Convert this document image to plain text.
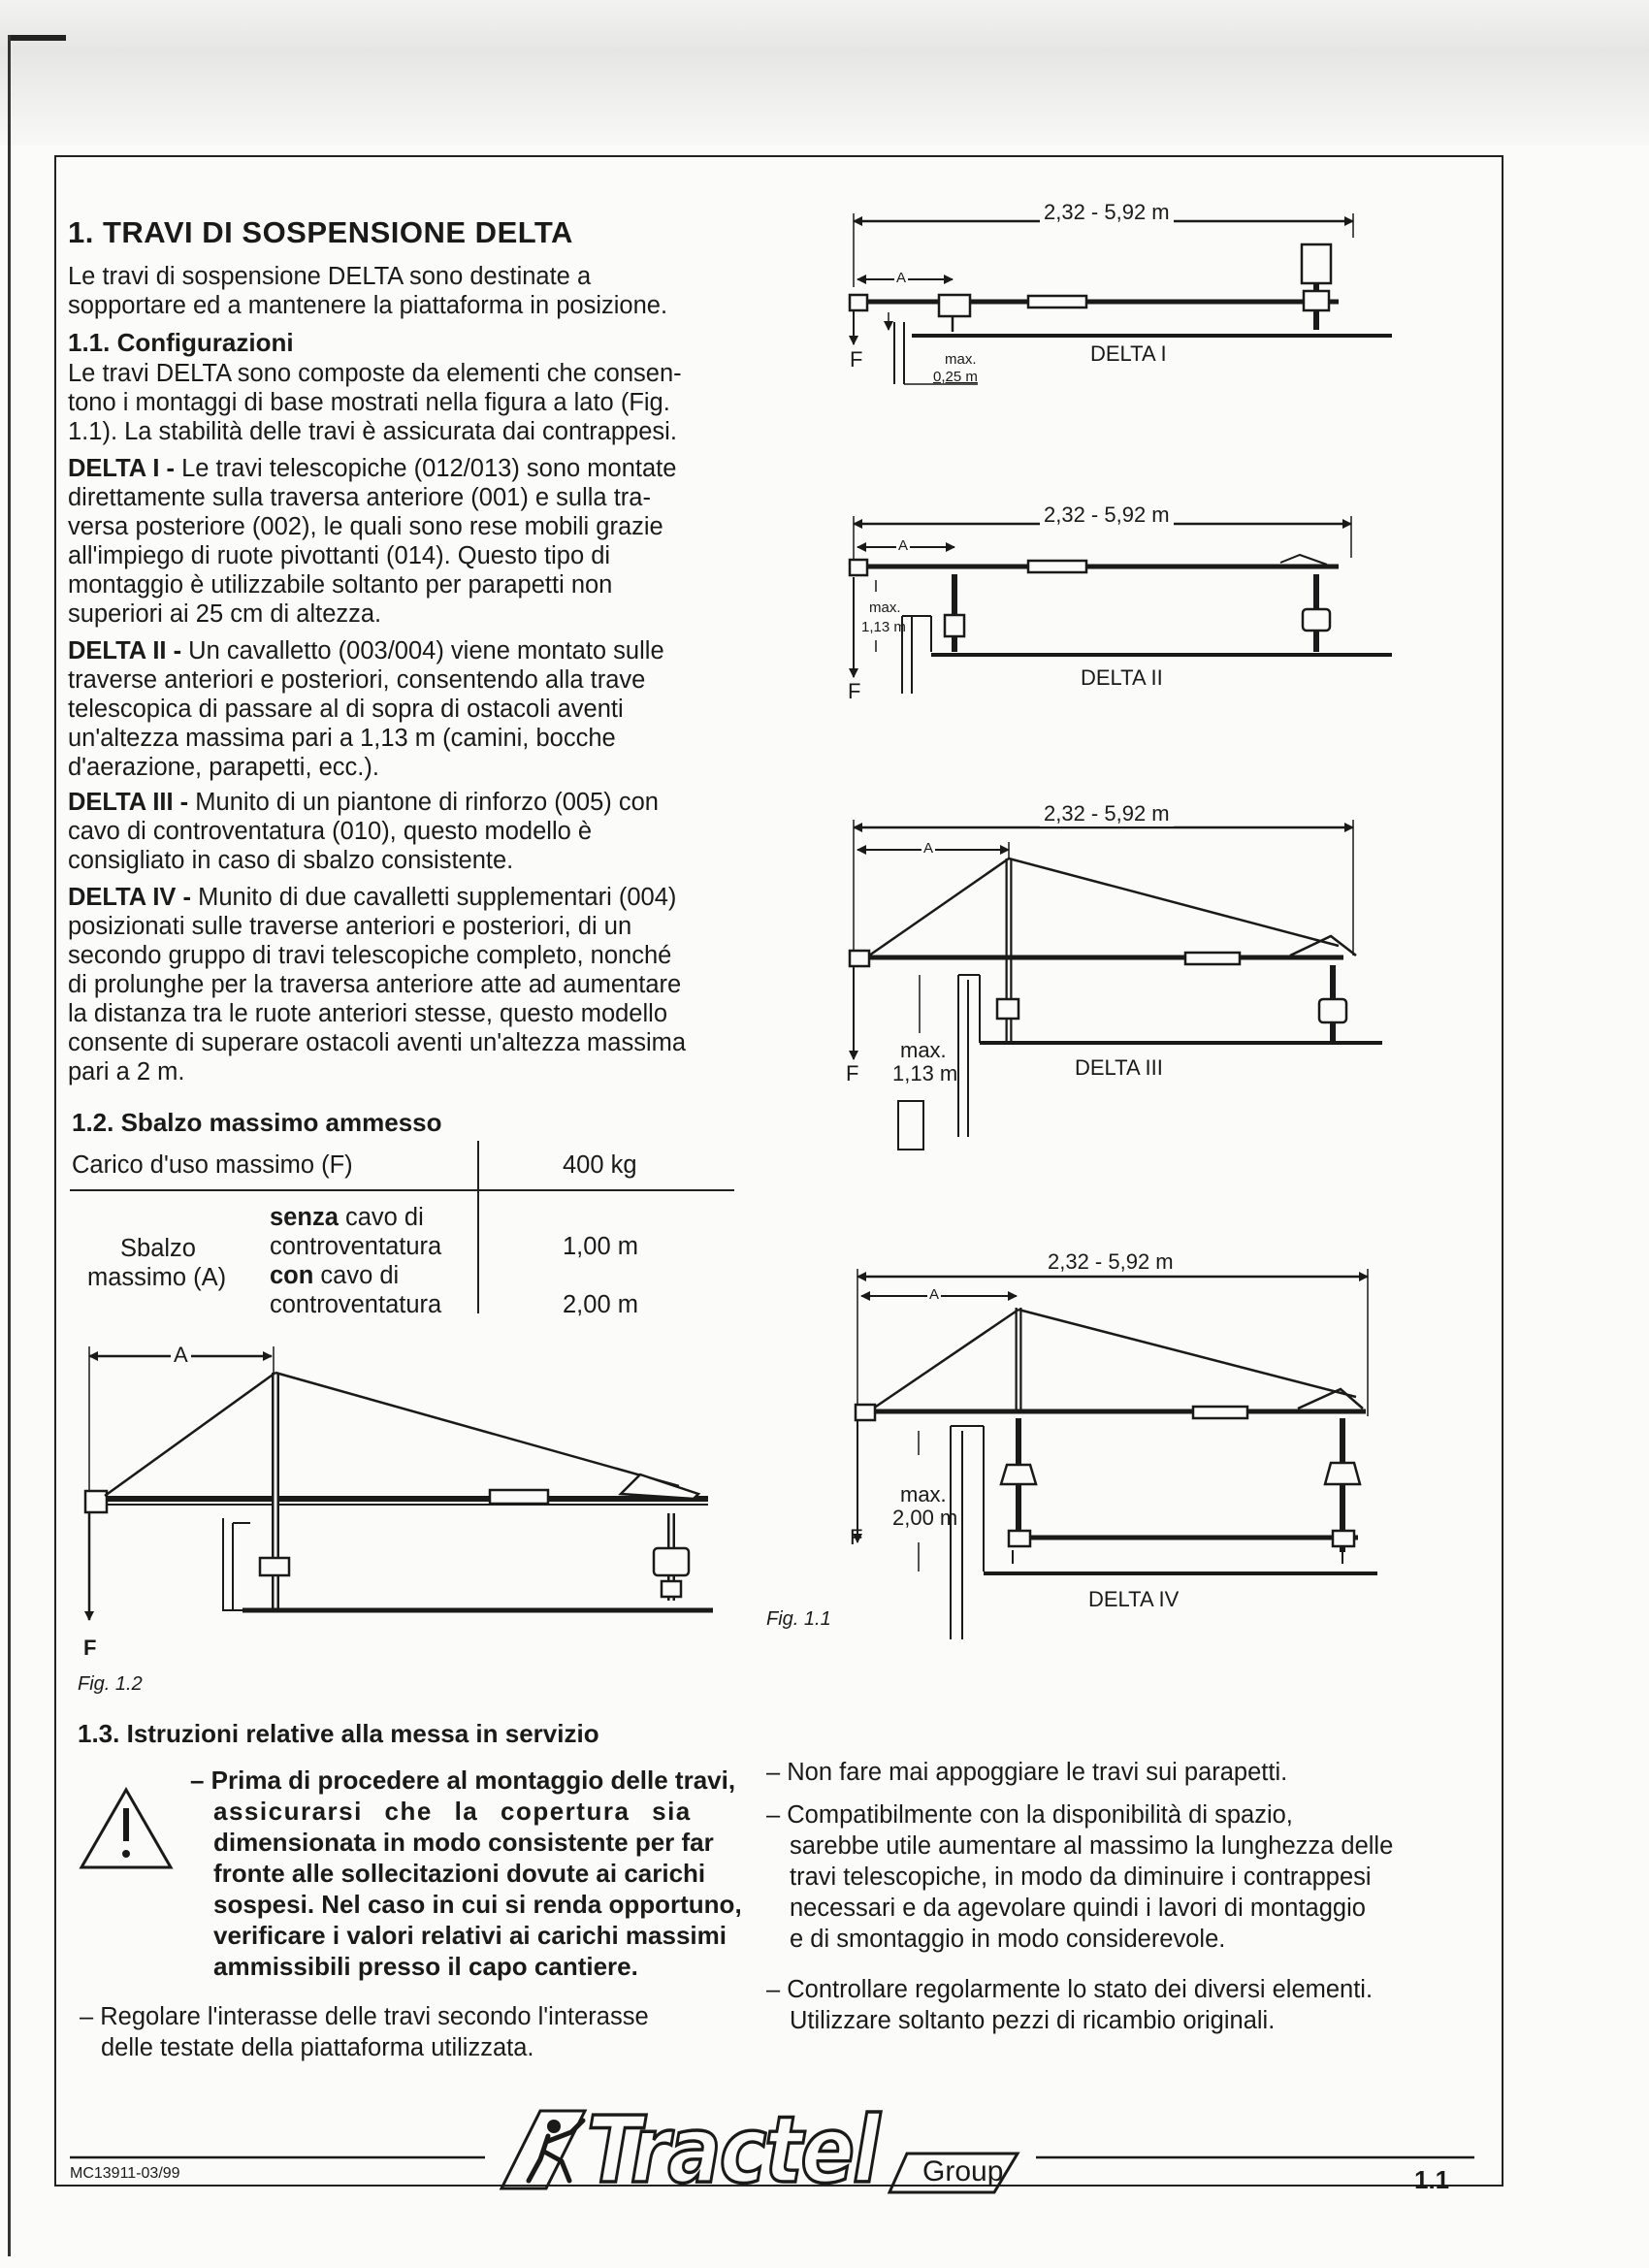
1. TRAVI DI SOSPENSIONE DELTA
Le travi di sospensione DELTA sono destinate a
sopportare ed a mantenere la piattaforma in posizione.
1.1. Configurazioni
Le travi DELTA sono composte da elementi che consen-
tono i montaggi di base mostrati nella figura a lato (Fig.
1.1). La stabilità delle travi è assicurata dai contrappesi.
DELTA I - Le travi telescopiche (012/013) sono montate
direttamente sulla traversa anteriore (001) e sulla tra-
versa posteriore (002), le quali sono rese mobili grazie
all'impiego di ruote pivottanti (014). Questo tipo di
montaggio è utilizzabile soltanto per parapetti non
superiori ai 25 cm di altezza.
DELTA II - Un cavalletto (003/004) viene montato sulle
traverse anteriori e posteriori, consentendo alla trave
telescopica di passare al di sopra di ostacoli aventi
un'altezza massima pari a 1,13 m (camini, bocche
d'aerazione, parapetti, ecc.).
DELTA III - Munito di un piantone di rinforzo (005) con
cavo di controventatura (010), questo modello è
consigliato in caso di sbalzo consistente.
DELTA IV - Munito di due cavalletti supplementari (004)
posizionati sulle traverse anteriori e posteriori, di un
secondo gruppo di travi telescopiche completo, nonché
di prolunghe per la traversa anteriore atte ad aumentare
la distanza tra le ruote anteriori stesse, questo modello
consente di superare ostacoli aventi un'altezza massima
pari a 2 m.
1.2. Sbalzo massimo ammesso
Carico d'uso massimo (F)	400 kg
Sbalzo
massimo (A)
senza cavo di
controventatura	1,00 m
con cavo di
controventatura	2,00 m
A
F
Fig. 1.2
2,32 - 5,92 m
A
F	max.
0,25 m
DELTA I
2,32 - 5,92 m
A
max.
1,13 m
F
DELTA II
2,32 - 5,92 m
A
max.
1,13 m
F	DELTA III
2,32 - 5,92 m
A
max.
2,00 m
F
DELTA IV
Fig. 1.1
1.3. Istruzioni relative alla messa in servizio
– Prima di procedere al montaggio delle travi,
assicurarsi che la copertura sia
dimensionata in modo consistente per far
fronte alle sollecitazioni dovute ai carichi
sospesi. Nel caso in cui si renda opportuno,
verificare i valori relativi ai carichi massimi
ammissibili presso il capo cantiere.
– Regolare l'interasse delle travi secondo l'interasse
delle testate della piattaforma utilizzata.
– Non fare mai appoggiare le travi sui parapetti.
– Compatibilmente con la disponibilità di spazio,
sarebbe utile aumentare al massimo la lunghezza delle
travi telescopiche, in modo da diminuire i contrappesi
necessari e da agevolare quindi i lavori di montaggio
e di smontaggio in modo considerevole.
– Controllare regolarmente lo stato dei diversi elementi.
Utilizzare soltanto pezzi di ricambio originali.
MC13911-03/99	Tractel Group	1.1
